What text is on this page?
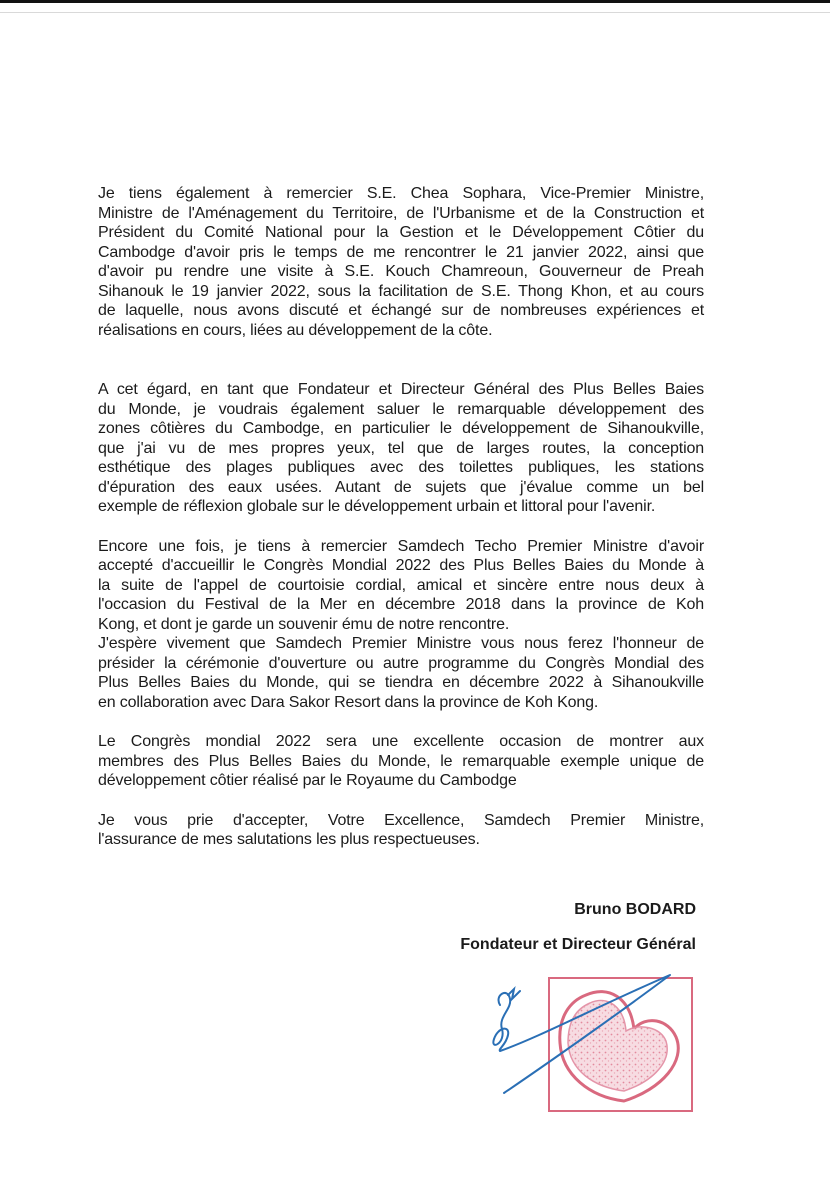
Je tiens également à remercier S.E. Chea Sophara, Vice-Premier Ministre,
Ministre de l'Aménagement du Territoire, de l'Urbanisme et de la Construction et
Président du Comité National pour la Gestion et le Développement Côtier du
Cambodge d'avoir pris le temps de me rencontrer le 21 janvier 2022, ainsi que
d'avoir pu rendre une visite à S.E. Kouch Chamreoun, Gouverneur de Preah
Sihanouk le 19 janvier 2022, sous la facilitation de S.E. Thong Khon, et au cours
de laquelle, nous avons discuté et échangé sur de nombreuses expériences et
réalisations en cours, liées au développement de la côte.
A cet égard, en tant que Fondateur et Directeur Général des Plus Belles Baies
du Monde, je voudrais également saluer le remarquable développement des
zones côtières du Cambodge, en particulier le développement de Sihanoukville,
que j'ai vu de mes propres yeux, tel que de larges routes, la conception
esthétique des plages publiques avec des toilettes publiques, les stations
d'épuration des eaux usées. Autant de sujets que j'évalue comme un bel
exemple de réflexion globale sur le développement urbain et littoral pour l'avenir.
Encore une fois, je tiens à remercier Samdech Techo Premier Ministre d'avoir
accepté d'accueillir le Congrès Mondial 2022 des Plus Belles Baies du Monde à
la suite de l'appel de courtoisie cordial, amical et sincère entre nous deux à
l'occasion du Festival de la Mer en décembre 2018 dans la province de Koh
Kong, et dont je garde un souvenir ému de notre rencontre.
J'espère vivement que Samdech Premier Ministre vous nous ferez l'honneur de
présider la cérémonie d'ouverture ou autre programme du Congrès Mondial des
Plus Belles Baies du Monde, qui se tiendra en décembre 2022 à Sihanoukville
en collaboration avec Dara Sakor Resort dans la province de Koh Kong.
Le Congrès mondial 2022 sera une excellente occasion de montrer aux
membres des Plus Belles Baies du Monde, le remarquable exemple unique de
développement côtier réalisé par le Royaume du Cambodge
Je vous prie d'accepter, Votre Excellence, Samdech Premier Ministre,
l'assurance de mes salutations les plus respectueuses.
Bruno BODARD
Fondateur et Directeur Général
